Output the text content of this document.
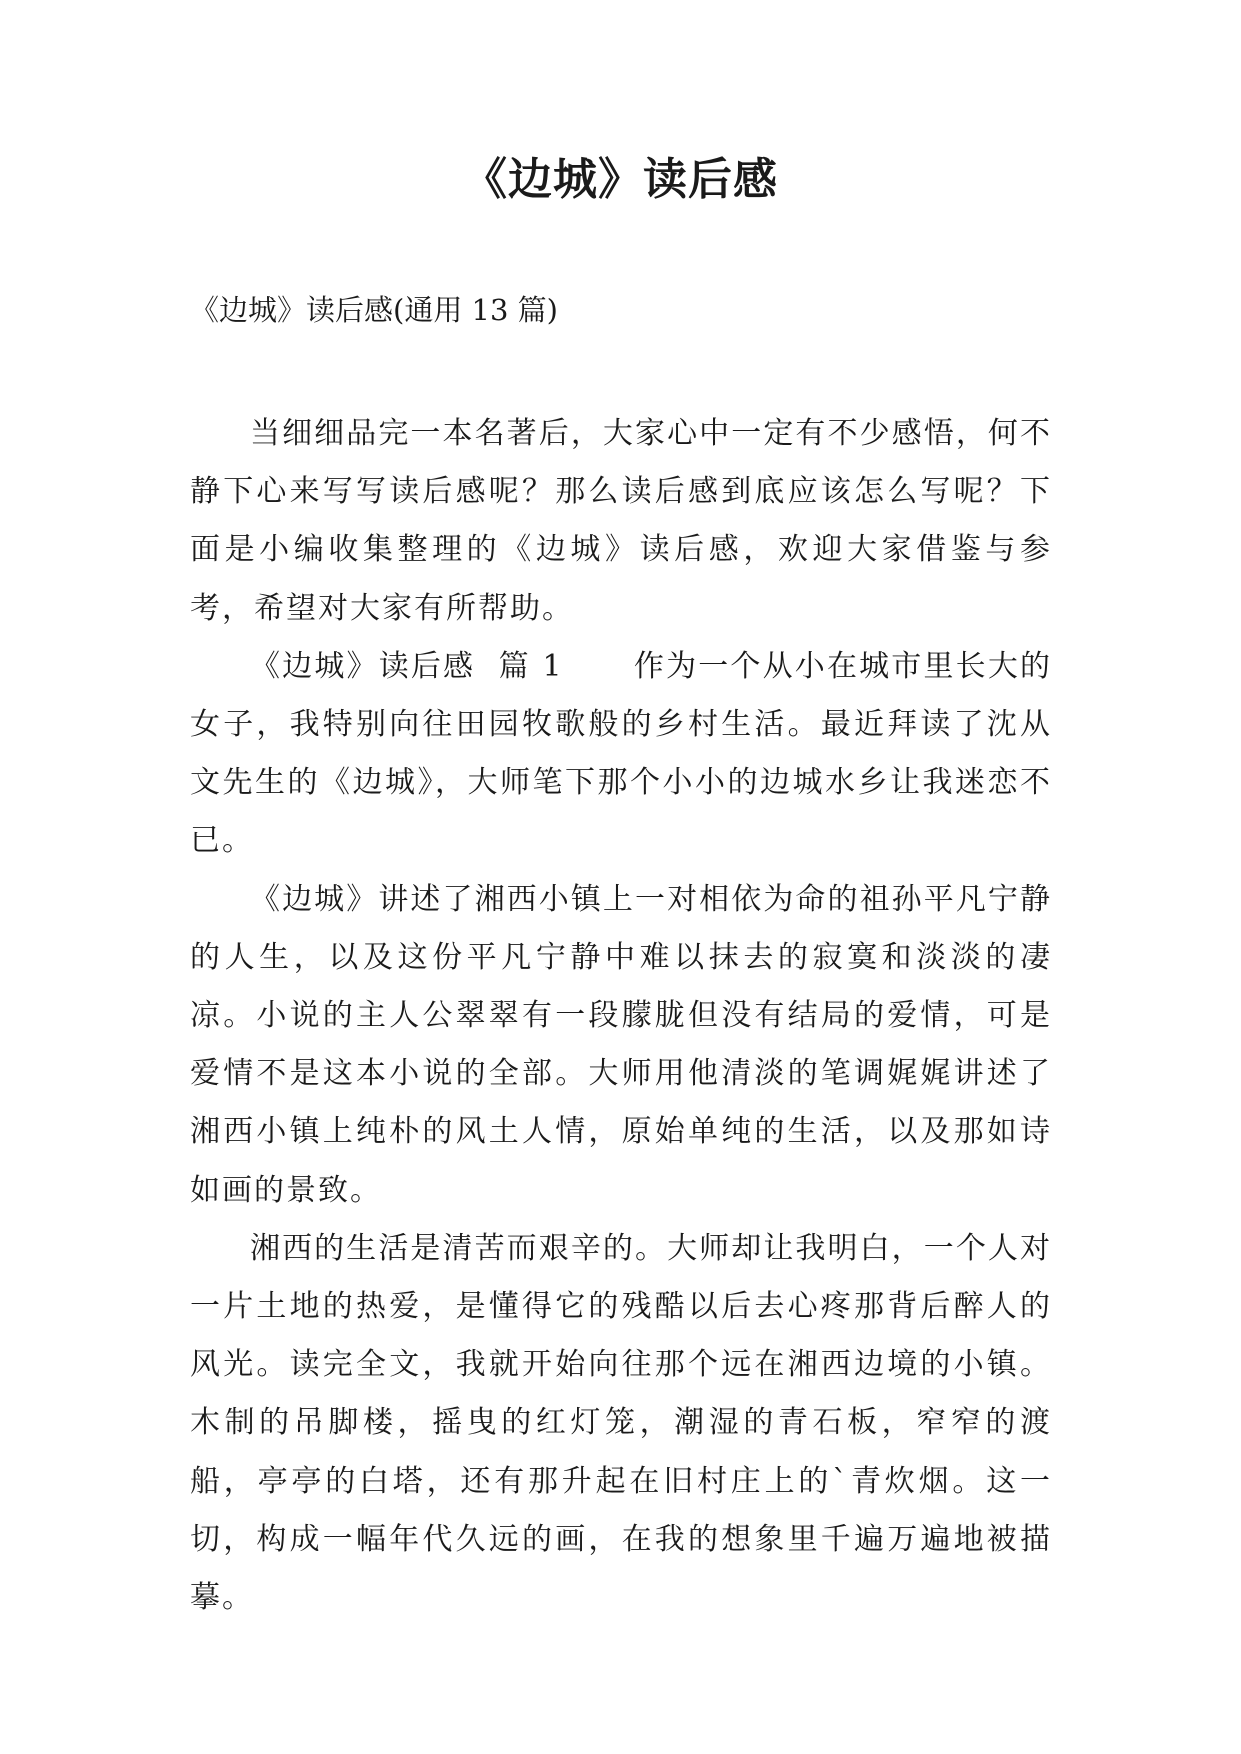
《边城》读后感

《边城》读后感(通用 13 篇)

当细细品完一本名著后，大家心中一定有不少感悟，何不静下心来写写读后感呢？那么读后感到底应该怎么写呢？下面是小编收集整理的《边城》读后感，欢迎大家借鉴与参考，希望对大家有所帮助。

《边城》读后感  篇 1      作为一个从小在城市里长大的女子，我特别向往田园牧歌般的乡村生活。最近拜读了沈从文先生的《边城》，大师笔下那个小小的边城水乡让我迷恋不已。

《边城》讲述了湘西小镇上一对相依为命的祖孙平凡宁静的人生，以及这份平凡宁静中难以抹去的寂寞和淡淡的凄凉。小说的主人公翠翠有一段朦胧但没有结局的爱情，可是爱情不是这本小说的全部。大师用他清淡的笔调娓娓讲述了湘西小镇上纯朴的风土人情，原始单纯的生活，以及那如诗如画的景致。

湘西的生活是清苦而艰辛的。大师却让我明白，一个人对一片土地的热爱，是懂得它的残酷以后去心疼那背后醉人的风光。读完全文，我就开始向往那个远在湘西边境的小镇。木制的吊脚楼，摇曳的红灯笼，潮湿的青石板，窄窄的渡船，亭亭的白塔，还有那升起在旧村庄上的`青炊烟。这一切，构成一幅年代久远的画，在我的想象里千遍万遍地被描摹。
